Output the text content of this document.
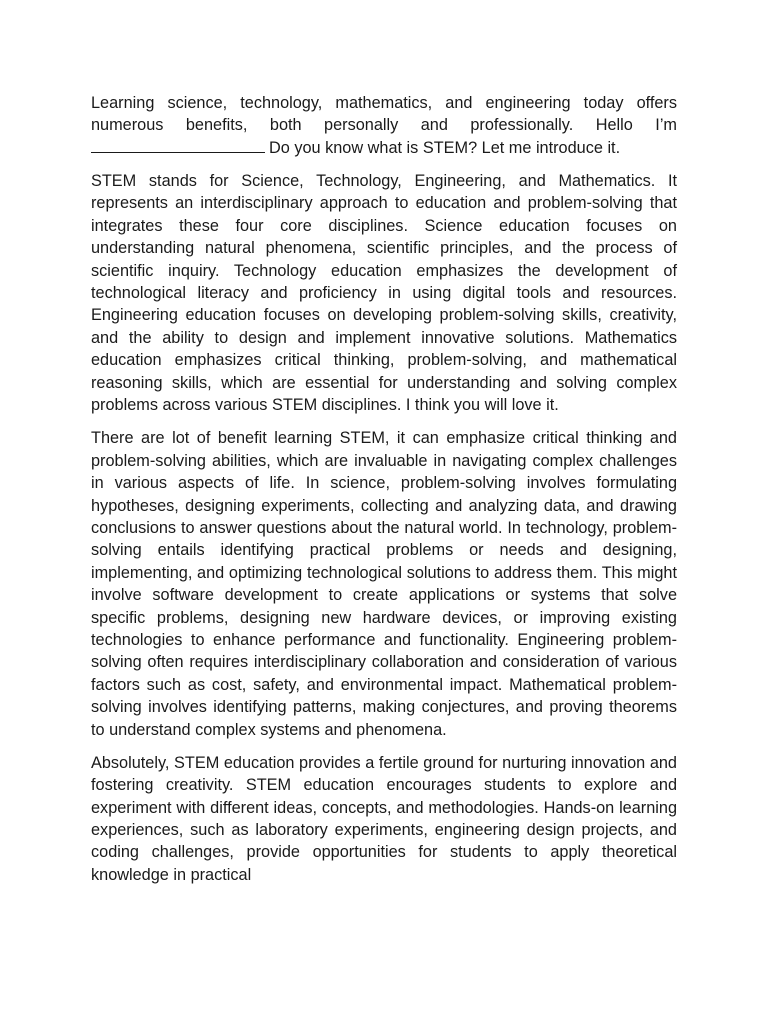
Learning science, technology, mathematics, and engineering today offers numerous benefits, both personally and professionally. Hello I’m Do you know what is STEM? Let me introduce it.

STEM stands for Science, Technology, Engineering, and Mathematics. It represents an interdisciplinary approach to education and problem-solving that integrates these four core disciplines. Science education focuses on understanding natural phenomena, scientific principles, and the process of scientific inquiry. Technology education emphasizes the development of technological literacy and proficiency in using digital tools and resources. Engineering education focuses on developing problem-solving skills, creativity, and the ability to design and implement innovative solutions. Mathematics education emphasizes critical thinking, problem-solving, and mathematical reasoning skills, which are essential for understanding and solving complex problems across various STEM disciplines. I think you will love it.

There are lot of benefit learning STEM, it can emphasize critical thinking and problem-solving abilities, which are invaluable in navigating complex challenges in various aspects of life. In science, problem-solving involves formulating hypotheses, designing experiments, collecting and analyzing data, and drawing conclusions to answer questions about the natural world. In technology, problem-solving entails identifying practical problems or needs and designing, implementing, and optimizing technological solutions to address them. This might involve software development to create applications or systems that solve specific problems, designing new hardware devices, or improving existing technologies to enhance performance and functionality. Engineering problem-solving often requires interdisciplinary collaboration and consideration of various factors such as cost, safety, and environmental impact. Mathematical problem-solving involves identifying patterns, making conjectures, and proving theorems to understand complex systems and phenomena.

Absolutely, STEM education provides a fertile ground for nurturing innovation and fostering creativity. STEM education encourages students to explore and experiment with different ideas, concepts, and methodologies. Hands-on learning experiences, such as laboratory experiments, engineering design projects, and coding challenges, provide opportunities for students to apply theoretical knowledge in practical
